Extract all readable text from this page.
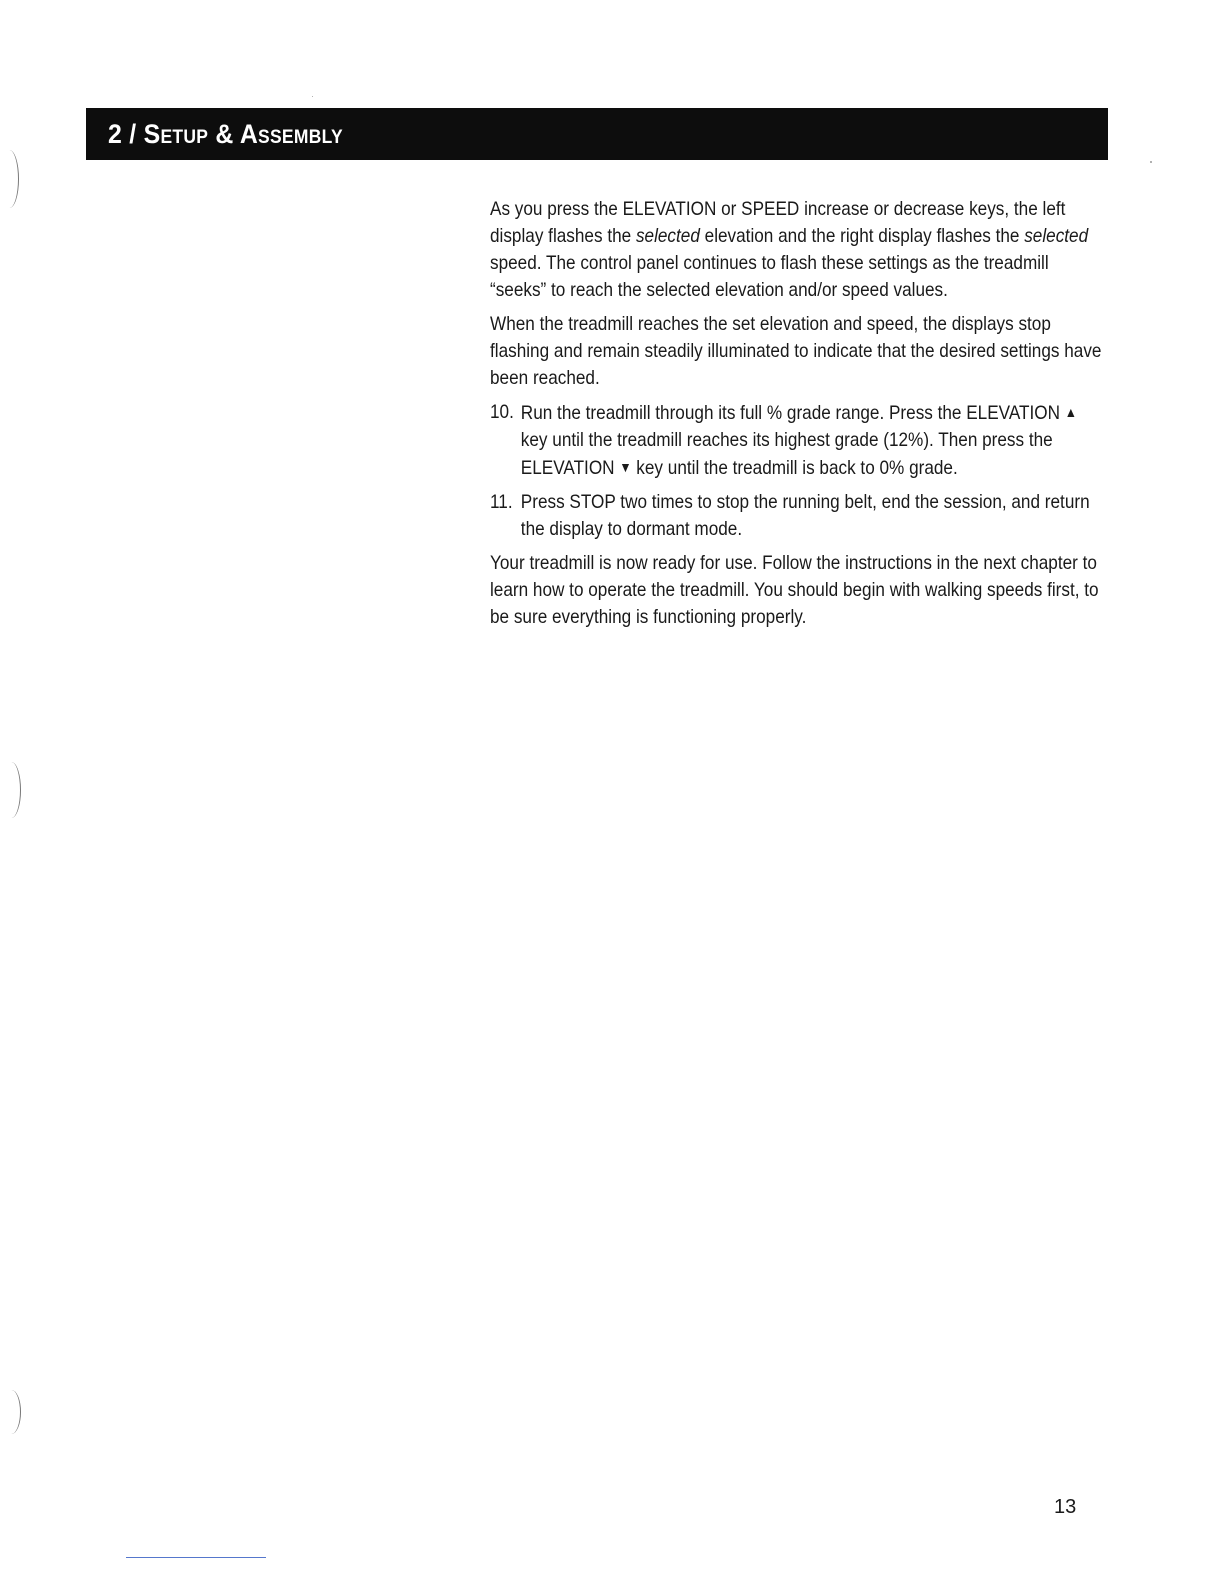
2 / Setup & Assembly

As you press the ELEVATION or SPEED increase or decrease keys, the left display flashes the selected elevation and the right display flashes the selected speed. The control panel continues to flash these settings as the treadmill “seeks” to reach the selected elevation and/or speed values.

When the treadmill reaches the set elevation and speed, the displays stop flashing and remain steadily illuminated to indicate that the desired settings have been reached.

10. Run the treadmill through its full % grade range. Press the ELEVATION ▲ key until the treadmill reaches its highest grade (12%). Then press the ELEVATION ▼ key until the treadmill is back to 0% grade.
11. Press STOP two times to stop the running belt, end the session, and return the display to dormant mode.

Your treadmill is now ready for use. Follow the instructions in the next chapter to learn how to operate the treadmill. You should begin with walking speeds first, to be sure everything is functioning properly.

13
